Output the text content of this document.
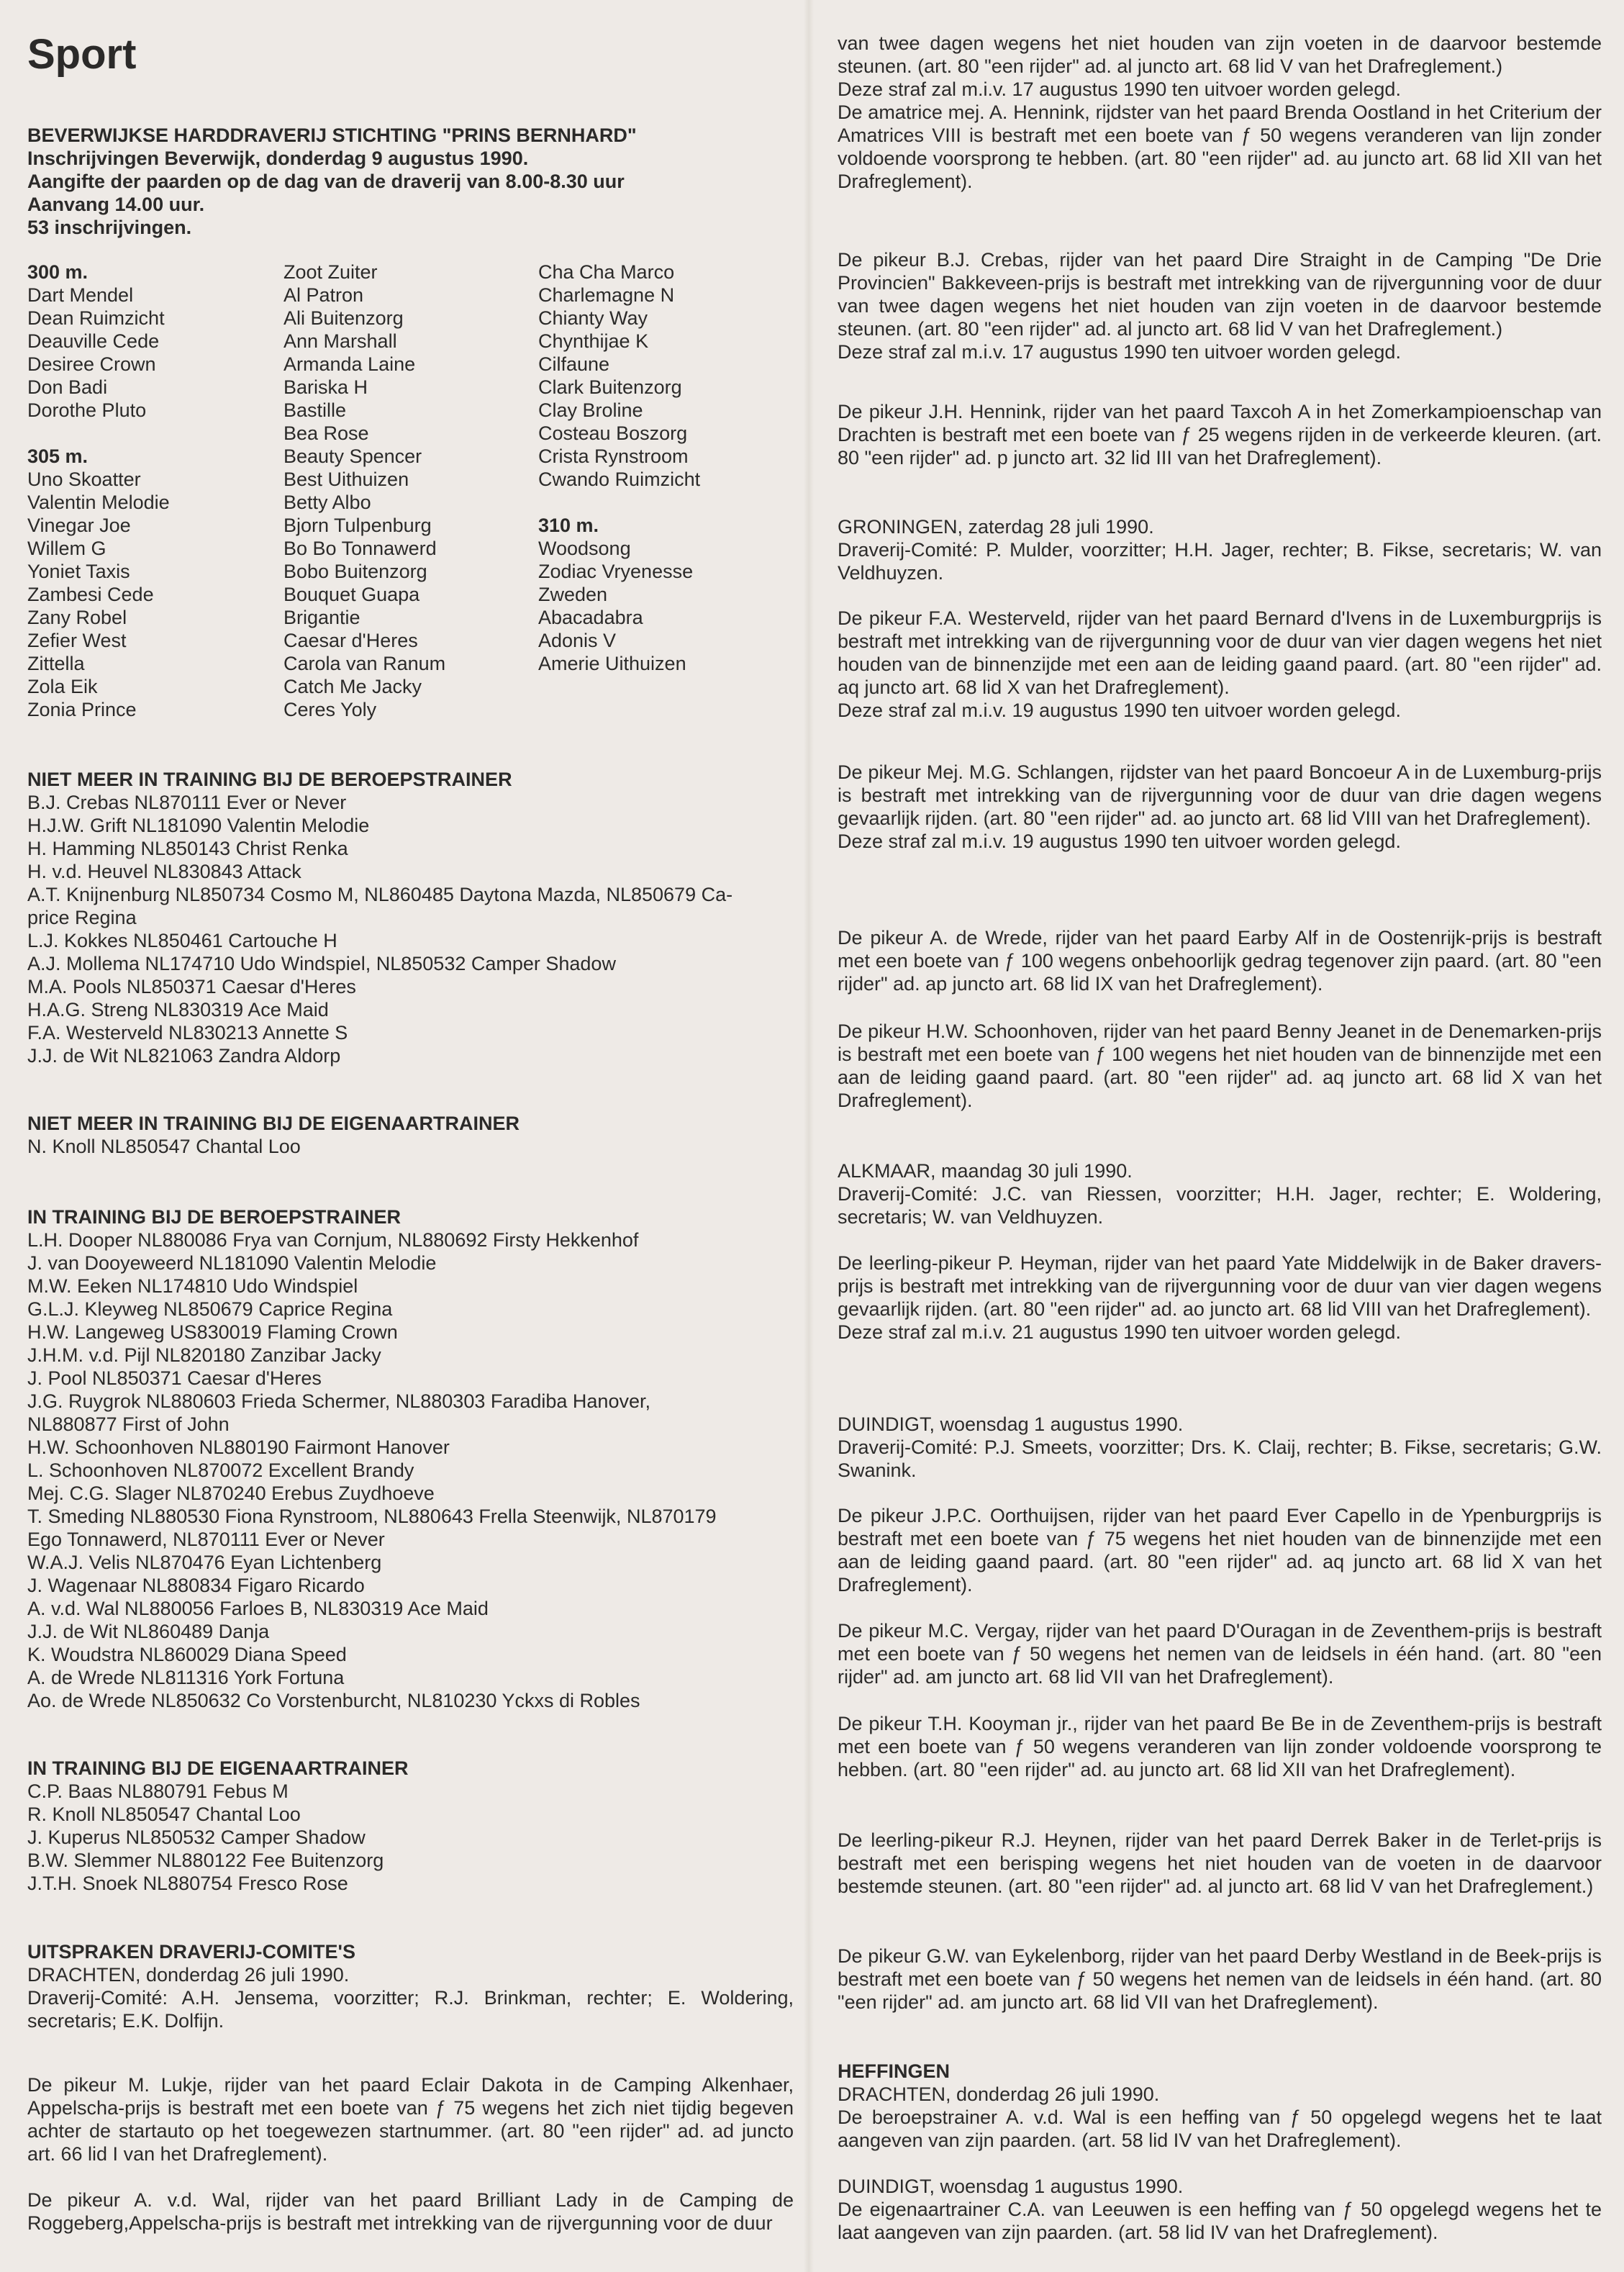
Sport
BEVERWIJKSE HARDDRAVERIJ STICHTING "PRINS BERNHARD"
Inschrijvingen Beverwijk, donderdag 9 augustus 1990.
Aangifte der paarden op de dag van de draverij van 8.00-8.30 uur
Aanvang 14.00 uur.
53 inschrijvingen.
300 m.
Dart Mendel
Dean Ruimzicht
Deauville Cede
Desiree Crown
Don Badi
Dorothe Pluto
305 m.
Uno Skoatter
Valentin Melodie
Vinegar Joe
Willem G
Yoniet Taxis
Zambesi Cede
Zany Robel
Zefier West
Zittella
Zola Eik
Zonia Prince
Zoot Zuiter
Al Patron
Ali Buitenzorg
Ann Marshall
Armanda Laine
Bariska H
Bastille
Bea Rose
Beauty Spencer
Best Uithuizen
Betty Albo
Bjorn Tulpenburg
Bo Bo Tonnawerd
Bobo Buitenzorg
Bouquet Guapa
Brigantie
Caesar d'Heres
Carola van Ranum
Catch Me Jacky
Ceres Yoly
Cha Cha Marco
Charlemagne N
Chianty Way
Chynthijae K
Cilfaune
Clark Buitenzorg
Clay Broline
Costeau Boszorg
Crista Rynstroom
Cwando Ruimzicht
310 m.
Woodsong
Zodiac Vryenesse
Zweden
Abacadabra
Adonis V
Amerie Uithuizen
NIET MEER IN TRAINING BIJ DE BEROEPSTRAINER
B.J. Crebas NL870111 Ever or Never
H.J.W. Grift NL181090 Valentin Melodie
H. Hamming NL850143 Christ Renka
H. v.d. Heuvel NL830843 Attack
A.T. Knijnenburg NL850734 Cosmo M, NL860485 Daytona Mazda, NL850679 Ca-
price Regina
L.J. Kokkes NL850461 Cartouche H
A.J. Mollema NL174710 Udo Windspiel, NL850532 Camper Shadow
M.A. Pools NL850371 Caesar d'Heres
H.A.G. Streng NL830319 Ace Maid
F.A. Westerveld NL830213 Annette S
J.J. de Wit NL821063 Zandra Aldorp
NIET MEER IN TRAINING BIJ DE EIGENAARTRAINER
N. Knoll NL850547 Chantal Loo
IN TRAINING BIJ DE BEROEPSTRAINER
L.H. Dooper NL880086 Frya van Cornjum, NL880692 Firsty Hekkenhof
J. van Dooyeweerd NL181090 Valentin Melodie
M.W. Eeken NL174810 Udo Windspiel
G.L.J. Kleyweg NL850679 Caprice Regina
H.W. Langeweg US830019 Flaming Crown
J.H.M. v.d. Pijl NL820180 Zanzibar Jacky
J. Pool NL850371 Caesar d'Heres
J.G. Ruygrok NL880603 Frieda Schermer, NL880303 Faradiba Hanover,
NL880877 First of John
H.W. Schoonhoven NL880190 Fairmont Hanover
L. Schoonhoven NL870072 Excellent Brandy
Mej. C.G. Slager NL870240 Erebus Zuydhoeve
T. Smeding NL880530 Fiona Rynstroom, NL880643 Frella Steenwijk, NL870179
Ego Tonnawerd, NL870111 Ever or Never
W.A.J. Velis NL870476 Eyan Lichtenberg
J. Wagenaar NL880834 Figaro Ricardo
A. v.d. Wal NL880056 Farloes B, NL830319 Ace Maid
J.J. de Wit NL860489 Danja
K. Woudstra NL860029 Diana Speed
A. de Wrede NL811316 York Fortuna
Ao. de Wrede NL850632 Co Vorstenburcht, NL810230 Yckxs di Robles
IN TRAINING BIJ DE EIGENAARTRAINER
C.P. Baas NL880791 Febus M
R. Knoll NL850547 Chantal Loo
J. Kuperus NL850532 Camper Shadow
B.W. Slemmer NL880122 Fee Buitenzorg
J.T.H. Snoek NL880754 Fresco Rose
UITSPRAKEN DRAVERIJ-COMITE'S

DRACHTEN, donderdag 26 juli 1990.

Draverij-Comité: A.H. Jensema, voorzitter; R.J. Brinkman, rechter; E. Woldering, secretaris; E.K. Dolfijn.

De pikeur M. Lukje, rijder van het paard Eclair Dakota in de Camping Alkenhaer, Appelscha-prijs is bestraft met een boete van ƒ 75 wegens het zich niet tijdig begeven achter de startauto op het toegewezen startnummer. (art. 80 "een rijder" ad. ad juncto art. 66 lid I van het Drafreglement).
De pikeur A. v.d. Wal, rijder van het paard Brilliant Lady in de Camping de Roggeberg,Appelscha-prijs is bestraft met intrekking van de rijvergunning voor de duur

van twee dagen wegens het niet houden van zijn voeten in de daarvoor bestemde steunen. (art. 80 "een rijder" ad. al juncto art. 68 lid V van het Drafreglement.)

Deze straf zal m.i.v. 17 augustus 1990 ten uitvoer worden gelegd.

De amatrice mej. A. Hennink, rijdster van het paard Brenda Oostland in het Criterium der Amatrices VIII is bestraft met een boete van ƒ 50 wegens veranderen van lijn zonder voldoende voorsprong te hebben. (art. 80 "een rijder" ad. au juncto art. 68 lid XII van het Drafreglement).

De pikeur B.J. Crebas, rijder van het paard Dire Straight in de Camping "De Drie Provincien" Bakkeveen-prijs is bestraft met intrekking van de rijvergunning voor de duur van twee dagen wegens het niet houden van zijn voeten in de daarvoor bestemde steunen. (art. 80 "een rijder" ad. al juncto art. 68 lid V van het Drafreglement.)

Deze straf zal m.i.v. 17 augustus 1990 ten uitvoer worden gelegd.

De pikeur J.H. Hennink, rijder van het paard Taxcoh A in het Zomerkampioenschap van Drachten is bestraft met een boete van ƒ 25 wegens rijden in de verkeerde kleuren. (art. 80 "een rijder" ad. p juncto art. 32 lid III van het Drafreglement).

GRONINGEN, zaterdag 28 juli 1990.

Draverij-Comité: P. Mulder, voorzitter; H.H. Jager, rechter; B. Fikse, secretaris; W. van Veldhuyzen.

De pikeur F.A. Westerveld, rijder van het paard Bernard d'Ivens in de Luxemburgprijs is bestraft met intrekking van de rijvergunning voor de duur van vier dagen wegens het niet houden van de binnenzijde met een aan de leiding gaand paard. (art. 80 "een rijder" ad. aq juncto art. 68 lid X van het Drafreglement).

Deze straf zal m.i.v. 19 augustus 1990 ten uitvoer worden gelegd.

De pikeur Mej. M.G. Schlangen, rijdster van het paard Boncoeur A in de Luxemburg-prijs is bestraft met intrekking van de rijvergunning voor de duur van drie dagen wegens gevaarlijk rijden. (art. 80 "een rijder" ad. ao juncto art. 68 lid VIII van het Drafreglement).

Deze straf zal m.i.v. 19 augustus 1990 ten uitvoer worden gelegd.

De pikeur A. de Wrede, rijder van het paard Earby Alf in de Oostenrijk-prijs is bestraft met een boete van ƒ 100 wegens onbehoorlijk gedrag tegenover zijn paard. (art. 80 "een rijder" ad. ap juncto art. 68 lid IX van het Drafreglement).
De pikeur H.W. Schoonhoven, rijder van het paard Benny Jeanet in de Denemarken-prijs is bestraft met een boete van ƒ 100 wegens het niet houden van de binnenzijde met een aan de leiding gaand paard. (art. 80 "een rijder" ad. aq juncto art. 68 lid X van het Drafreglement).

ALKMAAR, maandag 30 juli 1990.

Draverij-Comité: J.C. van Riessen, voorzitter; H.H. Jager, rechter; E. Woldering, secretaris; W. van Veldhuyzen.

De leerling-pikeur P. Heyman, rijder van het paard Yate Middelwijk in de Baker dravers-prijs is bestraft met intrekking van de rijvergunning voor de duur van vier dagen wegens gevaarlijk rijden. (art. 80 "een rijder" ad. ao juncto art. 68 lid VIII van het Drafreglement).

Deze straf zal m.i.v. 21 augustus 1990 ten uitvoer worden gelegd.

DUINDIGT, woensdag 1 augustus 1990.

Draverij-Comité: P.J. Smeets, voorzitter; Drs. K. Claij, rechter; B. Fikse, secretaris; G.W. Swanink.

De pikeur J.P.C. Oorthuijsen, rijder van het paard Ever Capello in de Ypenburgprijs is bestraft met een boete van ƒ 75 wegens het niet houden van de binnenzijde met een aan de leiding gaand paard. (art. 80 "een rijder" ad. aq juncto art. 68 lid X van het Drafreglement).
De pikeur M.C. Vergay, rijder van het paard D'Ouragan in de Zeventhem-prijs is bestraft met een boete van ƒ 50 wegens het nemen van de leidsels in één hand. (art. 80 "een rijder" ad. am juncto art. 68 lid VII van het Drafreglement).
De pikeur T.H. Kooyman jr., rijder van het paard Be Be in de Zeventhem-prijs is bestraft met een boete van ƒ 50 wegens veranderen van lijn zonder voldoende voorsprong te hebben. (art. 80 "een rijder" ad. au juncto art. 68 lid XII van het Drafreglement).
De leerling-pikeur R.J. Heynen, rijder van het paard Derrek Baker in de Terlet-prijs is bestraft met een berisping wegens het niet houden van de voeten in de daarvoor bestemde steunen. (art. 80 "een rijder" ad. al juncto art. 68 lid V van het Drafreglement.)
De pikeur G.W. van Eykelenborg, rijder van het paard Derby Westland in de Beek-prijs is bestraft met een boete van ƒ 50 wegens het nemen van de leidsels in één hand. (art. 80 "een rijder" ad. am juncto art. 68 lid VII van het Drafreglement).
HEFFINGEN

DRACHTEN, donderdag 26 juli 1990.

De beroepstrainer A. v.d. Wal is een heffing van ƒ 50 opgelegd wegens het te laat aangeven van zijn paarden. (art. 58 lid IV van het Drafreglement).

DUINDIGT, woensdag 1 augustus 1990.

De eigenaartrainer C.A. van Leeuwen is een heffing van ƒ 50 opgelegd wegens het te laat aangeven van zijn paarden. (art. 58 lid IV van het Drafreglement).
